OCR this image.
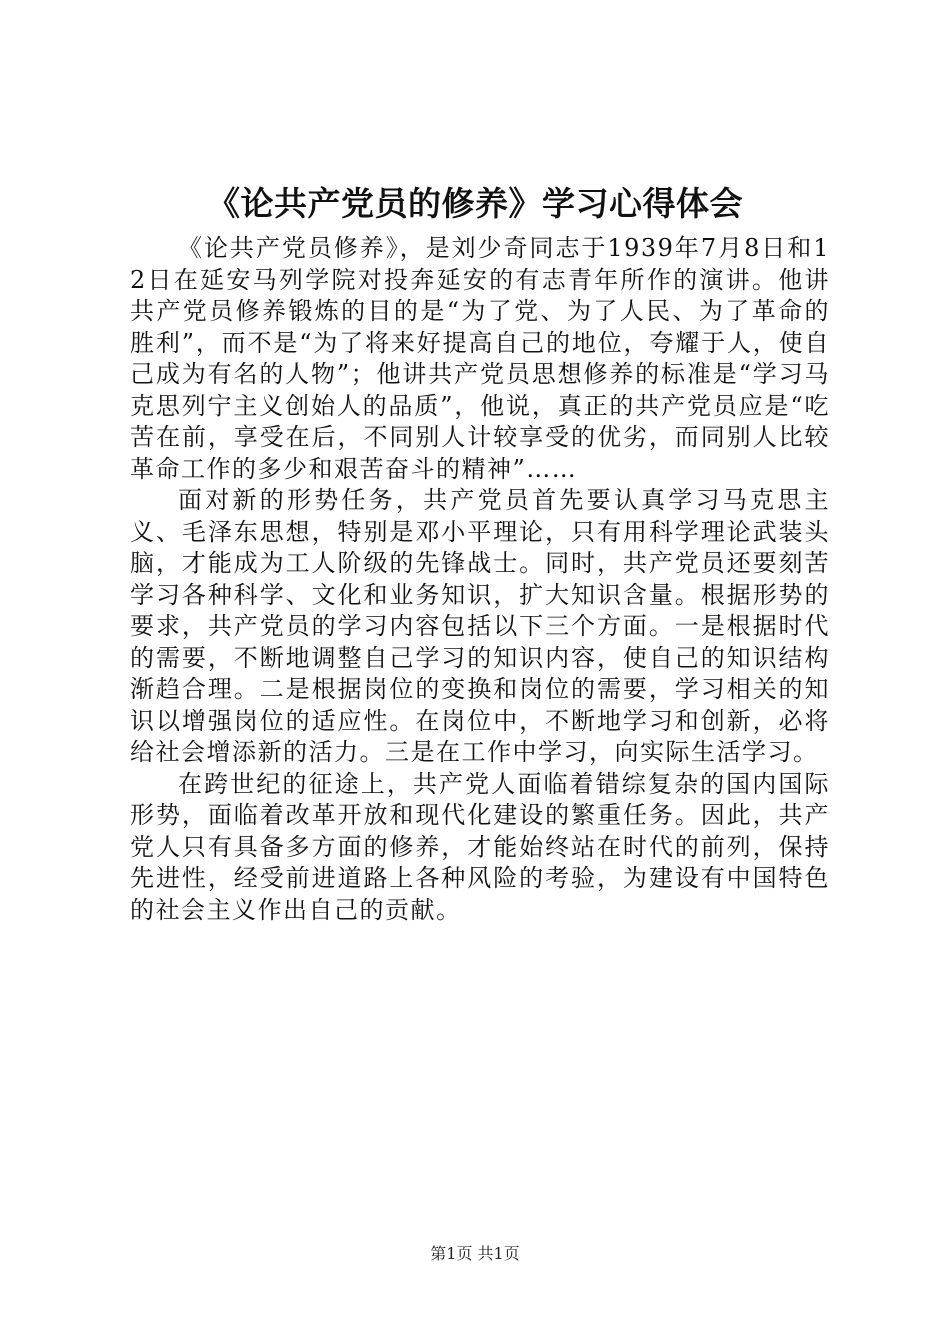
《论共产党员的修养》学习心得体会

《论共产党员修养》，是刘少奇同志于1939年7月8日和12日在延安马列学院对投奔延安的有志青年所作的演讲。他讲共产党员修养锻炼的目的是“为了党、为了人民、为了革命的胜利”，而不是“为了将来好提高自己的地位，夸耀于人，使自己成为有名的人物”；他讲共产党员思想修养的标准是“学习马克思列宁主义创始人的品质”，他说，真正的共产党员应是“吃苦在前，享受在后，不同别人计较享受的优劣，而同别人比较革命工作的多少和艰苦奋斗的精神”……

面对新的形势任务，共产党员首先要认真学习马克思主义、毛泽东思想，特别是邓小平理论，只有用科学理论武装头脑，才能成为工人阶级的先锋战士。同时，共产党员还要刻苦学习各种科学、文化和业务知识，扩大知识含量。根据形势的要求，共产党员的学习内容包括以下三个方面。一是根据时代的需要，不断地调整自己学习的知识内容，使自己的知识结构渐趋合理。二是根据岗位的变换和岗位的需要，学习相关的知识以增强岗位的适应性。在岗位中，不断地学习和创新，必将给社会增添新的活力。三是在工作中学习，向实际生活学习。

在跨世纪的征途上，共产党人面临着错综复杂的国内国际形势，面临着改革开放和现代化建设的繁重任务。因此，共产党人只有具备多方面的修养，才能始终站在时代的前列，保持先进性，经受前进道路上各种风险的考验，为建设有中国特色的社会主义作出自己的贡献。

第1页 共1页
